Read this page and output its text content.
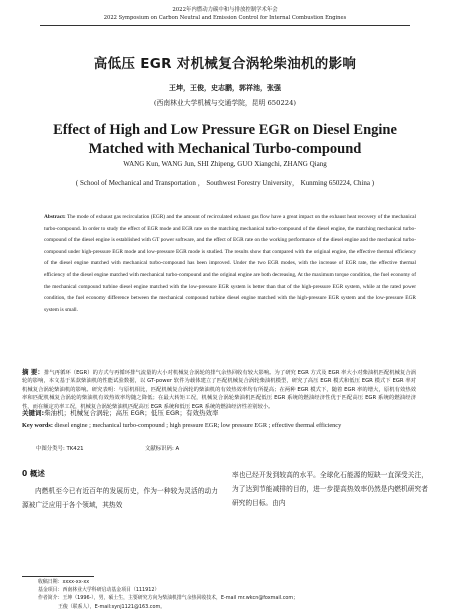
2022年内燃动力碳中和与排放控制学术年会
2022 Symposium on Carbon Neutral and Emission Control for Internal Combustion Engines
高低压 EGR 对机械复合涡轮柴油机的影响
王坤，王俊，史志鹏，郭祥池，张强
(西南林业大学机械与交通学院，昆明 650224)
Effect of High and Low Pressure EGR on Diesel Engine Matched with Mechanical Turbo-compound
WANG Kun, WANG Jun, SHI Zhipeng, GUO Xiangchi, ZHANG Qiang
( School of Mechanical and Transportation ， Southwest Forestry University， Kunming 650224, China )
Abstract: The mode of exhaust gas recirculation (EGR) and the amount of recirculated exhaust gas flow have a great impact on the exhaust heat recovery of the mechanical turbo-compound. In order to study the effect of EGR mode and EGR rate on the matching mechanical turbo-compound of the diesel engine, the matching mechanical turbo-compound of the diesel engine is established with GT power software, and the effect of EGR rate on the working performance of the diesel engine and the mechanical turbo-compound under high-pressure EGR mode and low-pressure EGR mode is studied. The results show that compared with the original engine, the effective thermal efficiency of the diesel engine matched with mechanical turbo-compound has been improved. Under the two EGR modes, with the increase of EGR rate, the effective thermal efficiency of the diesel engine matched with mechanical turbo-compound and the original engine are both decreasing, At the maximum torque condition, the fuel economy of the mechanical compound turbine diesel engine matched with the low-pressure EGR system is better than that of the high-pressure EGR system, while at the rated power condition, the fuel economy difference between the mechanical compound turbine diesel engine matched with the high-pressure EGR system and the low-pressure EGR system is small.
摘 要：排气再循环（EGR）的方式与再循环排气流量的大小对机械复合涡轮的排气余热回收有较大影响。为了研究 EGR 方式及 EGR 率大小对柴油机匹配机械复合涡轮的影响，本文基于某款柴油机的性能试验数据，以 GT-power 软件为载体建立了匹配机械复合涡轮柴油机模型，研究了高压 EGR 模式和低压 EGR 模式下 EGR 率对机械复合涡轮柴油机的影响。研究表明：与原机相比，匹配机械复合涡轮的柴油机的有效热效率均有所提高；在两种 EGR 模式下，随着 EGR 率的增大，原机有效热效率和匹配机械复合涡轮的柴油机有效热效率均随之降低；在最大转矩工况，机械复合涡轮柴油机匹配低压 EGR 系统的燃油经济性优于匹配高压 EGR 系统的燃油经济性，而在额定功率工况，机械复合涡轮柴油机匹配高压 EGR 系统和低压 EGR 系统的燃油经济性差别较小。
关键词:柴油机；机械复合涡轮；高压 EGR；低压 EGR；有效热效率
Key words: diesel engine ; mechanical turbo-compound ; high pressure EGR; low pressure EGR ; effective thermal efficiency
中图分类号: TK421	文献标识码: A
0 概述
内燃机至今已有近百年的发展历史，作为一种较为灵活的动力源被广泛应用于各个领域，其热效
率也已经开发到较高的水平。全球化石能源的短缺一直深受关注，为了达到节能减排的目的，进一步提高热效率仍然是内燃机研究者研究的目标。由内
收稿日期：xxxx-xx-xx
基金项目：西南林业大学科研启动基金项目（111912）
作者简介：王坤（1996-），男，硕士生，主要研究方向为柴油机排气余热回收技术，E-mail mr.wkcn@foxmail.com；
王俊（联系人），E-mail:synj1121@163.com。
